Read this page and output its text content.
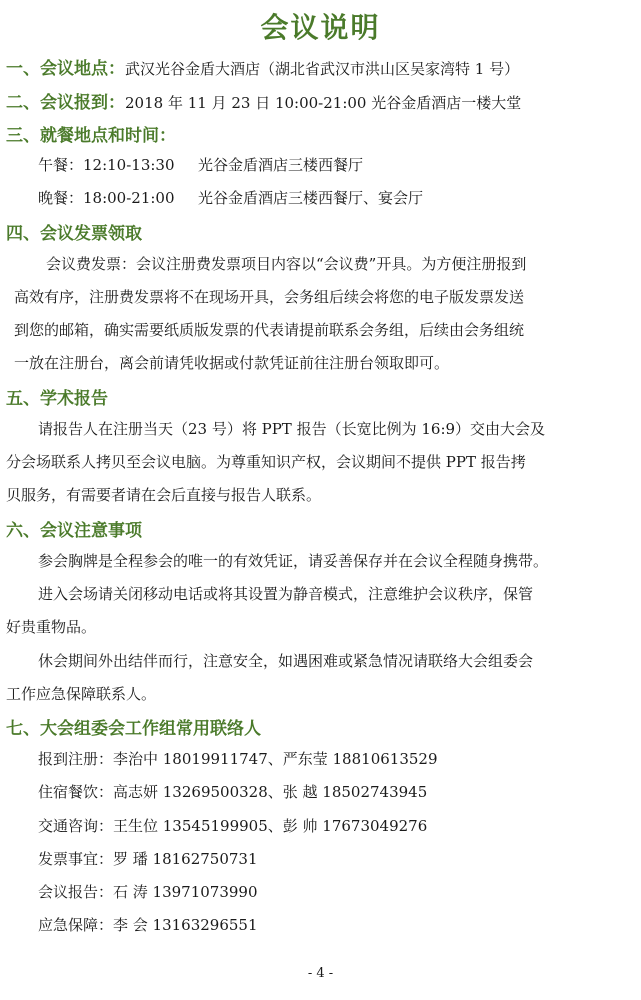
会议说明
一、会议地点：武汉光谷金盾大酒店（湖北省武汉市洪山区吴家湾特 1 号）
二、会议报到：2018 年 11 月 23 日 10:00-21:00 光谷金盾酒店一楼大堂
三、就餐地点和时间：
午餐：12:10-13:30 光谷金盾酒店三楼西餐厅
晚餐：18:00-21:00 光谷金盾酒店三楼西餐厅、宴会厅
四、会议发票领取
会议费发票：会议注册费发票项目内容以“会议费”开具。为方便注册报到
高效有序，注册费发票将不在现场开具，会务组后续会将您的电子版发票发送
到您的邮箱，确实需要纸质版发票的代表请提前联系会务组，后续由会务组统
一放在注册台，离会前请凭收据或付款凭证前往注册台领取即可。
五、学术报告
请报告人在注册当天（23 号）将 PPT 报告（长宽比例为 16:9）交由大会及
分会场联系人拷贝至会议电脑。为尊重知识产权，会议期间不提供 PPT 报告拷
贝服务，有需要者请在会后直接与报告人联系。
六、会议注意事项
参会胸牌是全程参会的唯一的有效凭证，请妥善保存并在会议全程随身携带。
进入会场请关闭移动电话或将其设置为静音模式，注意维护会议秩序，保管
好贵重物品。
休会期间外出结伴而行，注意安全，如遇困难或紧急情况请联络大会组委会
工作应急保障联系人。
七、大会组委会工作组常用联络人
报到注册：李治中 18019911747、严东莹 18810613529
住宿餐饮：高志妍 13269500328、张 越 18502743945
交通咨询：王生位 13545199905、彭 帅 17673049276
发票事宜：罗 璠 18162750731
会议报告：石 涛 13971073990
应急保障：李 会 13163296551
- 4 -
